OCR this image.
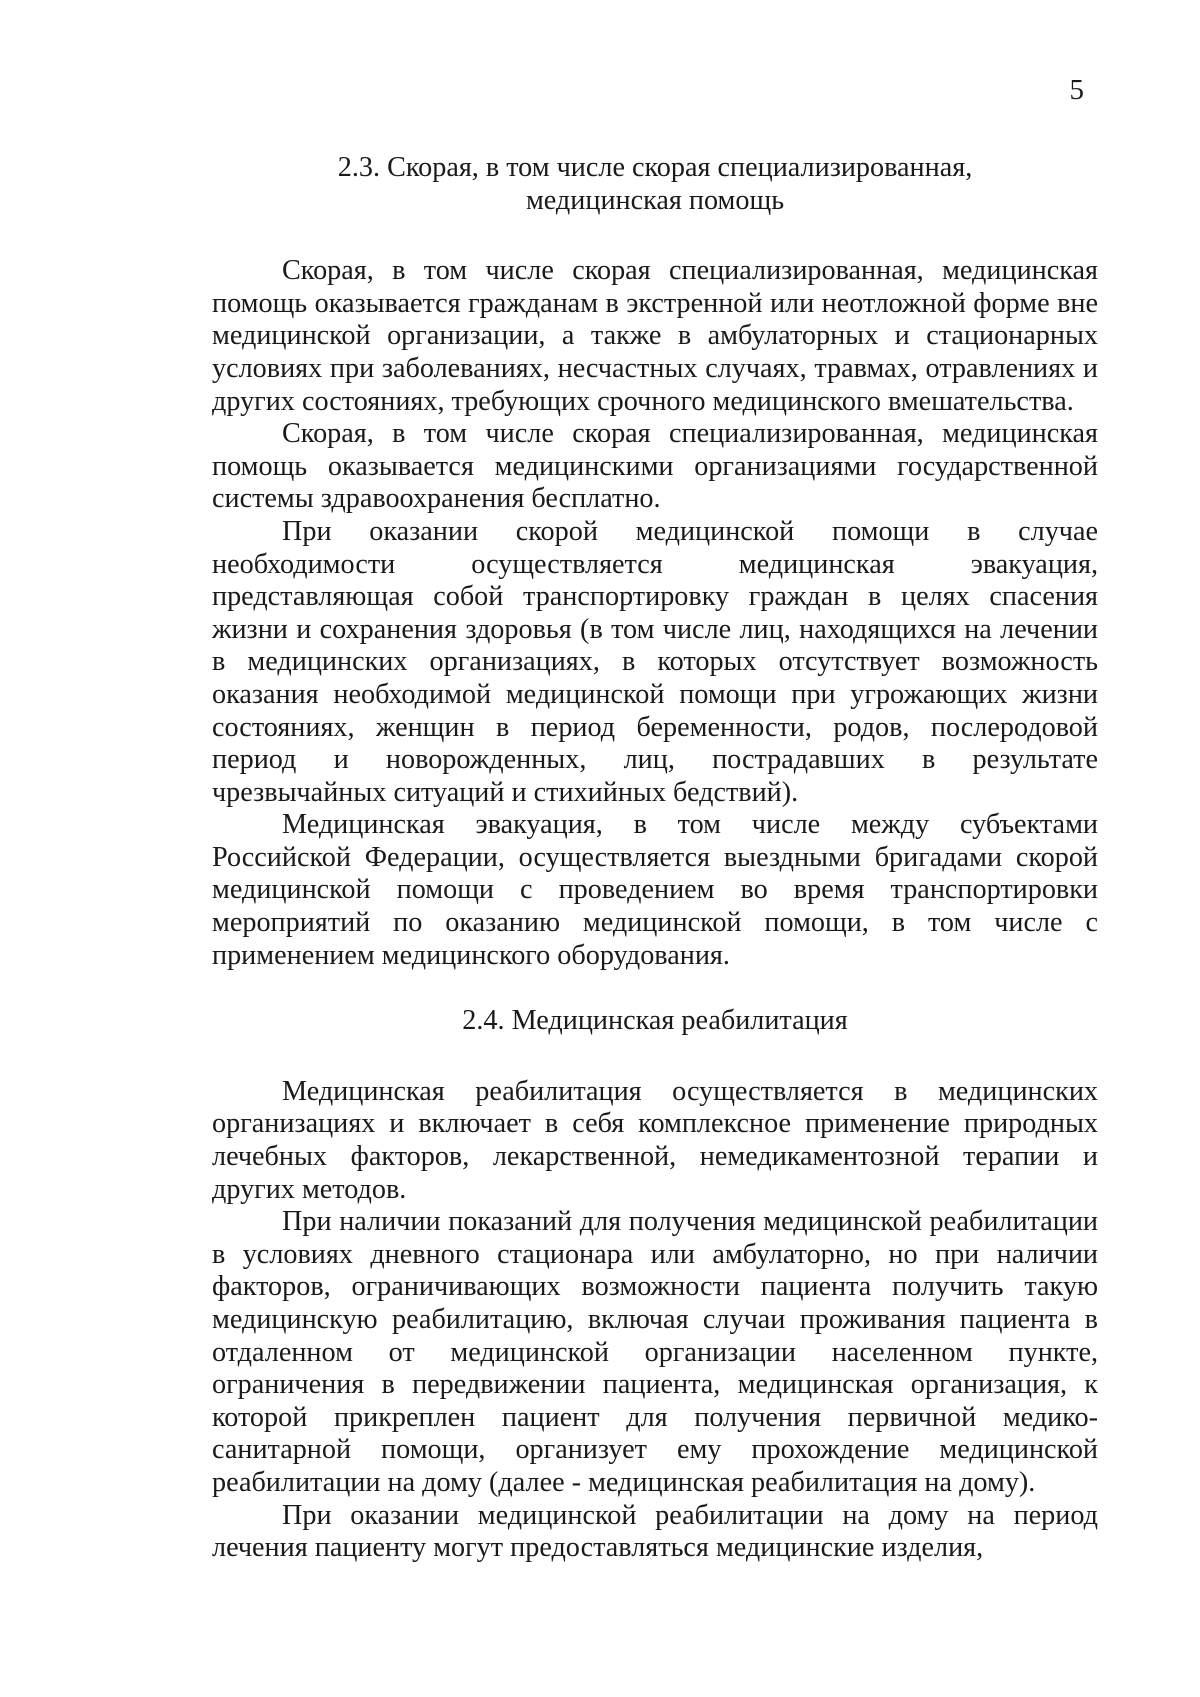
5
2.3. Скорая, в том числе скорая специализированная,
медицинская помощь

Скорая, в том числе скорая специализированная, медицинская помощь оказывается гражданам в экстренной или неотложной форме вне медицинской организации, а также в амбулаторных и стационарных условиях при заболеваниях, несчастных случаях, травмах, отравлениях и других состояниях, требующих срочного медицинского вмешательства.

Скорая, в том числе скорая специализированная, медицинская помощь оказывается медицинскими организациями государственной системы здравоохранения бесплатно.

При оказании скорой медицинской помощи в случае необходимости осуществляется медицинская эвакуация, представляющая собой транспортировку граждан в целях спасения жизни и сохранения здоровья (в том числе лиц, находящихся на лечении в медицинских организациях, в которых отсутствует возможность оказания необходимой медицинской помощи при угрожающих жизни состояниях, женщин в период беременности, родов, послеродовой период и новорожденных, лиц, пострадавших в результате чрезвычайных ситуаций и стихийных бедствий).

Медицинская эвакуация, в том числе между субъектами Российской Федерации, осуществляется выездными бригадами скорой медицинской помощи с проведением во время транспортировки мероприятий по оказанию медицинской помощи, в том числе с применением медицинского оборудования.

2.4. Медицинская реабилитация

Медицинская реабилитация осуществляется в медицинских организациях и включает в себя комплексное применение природных лечебных факторов, лекарственной, немедикаментозной терапии и других методов.

При наличии показаний для получения медицинской реабилитации в условиях дневного стационара или амбулаторно, но при наличии факторов, ограничивающих возможности пациента получить такую медицинскую реабилитацию, включая случаи проживания пациента в отдаленном от медицинской организации населенном пункте, ограничения в передвижении пациента, медицинская организация, к которой прикреплен пациент для получения первичной медико-санитарной помощи, организует ему прохождение медицинской реабилитации на дому (далее - медицинская реабилитация на дому).

При оказании медицинской реабилитации на дому на период лечения пациенту могут предоставляться медицинские изделия,
